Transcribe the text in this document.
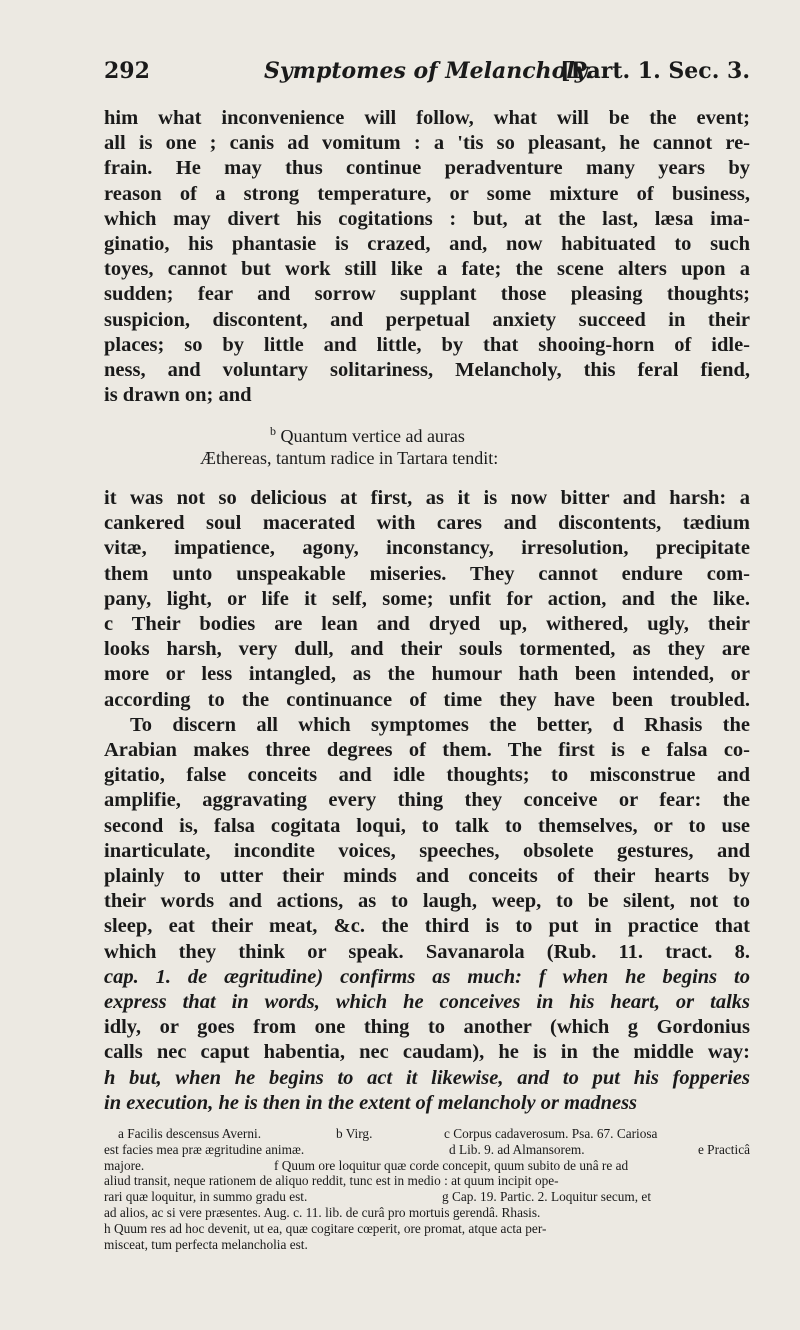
292	Symptomes of Melancholy.
[Part. 1. Sec. 3.
him what inconvenience will follow, what will be the event;
all is one ; canis ad vomitum : a 'tis so pleasant, he cannot re-
frain. He may thus continue peradventure many years by
reason of a strong temperature, or some mixture of business,
which may divert his cogitations : but, at the last, læsa ima-
ginatio, his phantasie is crazed, and, now habituated to such
toyes, cannot but work still like a fate; the scene alters upon a
sudden; fear and sorrow supplant those pleasing thoughts;
suspicion, discontent, and perpetual anxiety succeed in their
places; so by little and little, by that shooing-horn of idle-
ness, and voluntary solitariness, Melancholy, this feral fiend,
is drawn on; and
$^b$ Quantum vertice ad auras
Æthereas, tantum radice in Tartara tendit:
it was not so delicious at first, as it is now bitter and harsh: a
cankered soul macerated with cares and discontents, tædium
vitæ, impatience, agony, inconstancy, irresolution, precipitate
them unto unspeakable miseries. They cannot endure com-
pany, light, or life it self, some; unfit for action, and the like.
c Their bodies are lean and dryed up, withered, ugly, their
looks harsh, very dull, and their souls tormented, as they are
more or less intangled, as the humour hath been intended, or
according to the continuance of time they have been troubled.
To discern all which symptomes the better, d Rhasis the
Arabian makes three degrees of them. The first is e falsa co-
gitatio, false conceits and idle thoughts; to misconstrue and
amplifie, aggravating every thing they conceive or fear: the
second is, falsa cogitata loqui, to talk to themselves, or to use
inarticulate, incondite voices, speeches, obsolete gestures, and
plainly to utter their minds and conceits of their hearts by
their words and actions, as to laugh, weep, to be silent, not to
sleep, eat their meat, &c. the third is to put in practice that
which they think or speak. Savanarola (Rub. 11. tract. 8.
cap. 1. de ægritudine) confirms as much: f when he begins to
express that in words, which he conceives in his heart, or talks
idly, or goes from one thing to another (which g Gordonius
calls nec caput habentia, nec caudam), he is in the middle way:
h but, when he begins to act it likewise, and to put his fopperies
in execution, he is then in the extent of melancholy or madness
a Facilis descensus Averni.	b Virg.	c Corpus cadaverosum. Psa. 67. Cariosa
est facies mea præ ægritudine animæ.	d Lib. 9. ad Almansorem.	e Practicâ
majore.	f Quum ore loquitur quæ corde concepit, quum subito de unâ re ad
aliud transit, neque rationem de aliquo reddit, tunc est in medio : at quum incipit ope-
rari quæ loquitur, in summo gradu est.	g Cap. 19. Partic. 2. Loquitur secum, et
ad alios, ac si vere præsentes. Aug. c. 11. lib. de curâ pro mortuis gerendâ. Rhasis.
h Quum res ad hoc devenit, ut ea, quæ cogitare cœperit, ore promat, atque acta per-
misceat, tum perfecta melancholia est.
